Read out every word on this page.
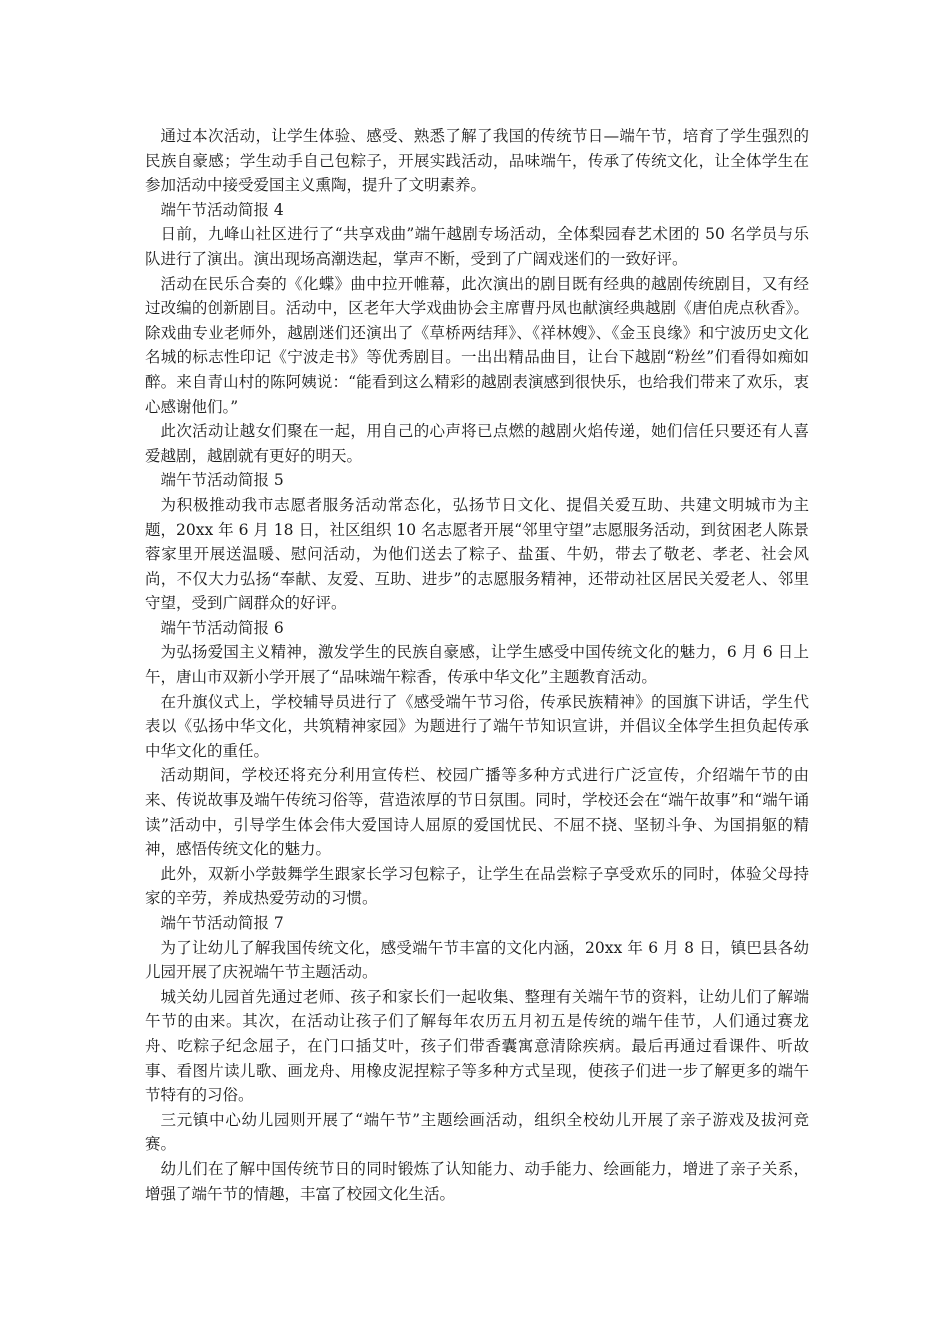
通过本次活动，让学生体验、感受、熟悉了解了我国的传统节日—端午节，培育了学生强烈的民族自豪感；学生动手自己包粽子，开展实践活动，品味端午，传承了传统文化，让全体学生在参加活动中接受爱国主义熏陶，提升了文明素养。

端午节活动简报 4

日前，九峰山社区进行了“共享戏曲”端午越剧专场活动，全体梨园春艺术团的 50 名学员与乐队进行了演出。演出现场高潮迭起，掌声不断，受到了广阔戏迷们的一致好评。

活动在民乐合奏的《化蝶》曲中拉开帷幕，此次演出的剧目既有经典的越剧传统剧目，又有经过改编的创新剧目。活动中，区老年大学戏曲协会主席曹丹凤也献演经典越剧《唐伯虎点秋香》。除戏曲专业老师外，越剧迷们还演出了《草桥两结拜》、《祥林嫂》、《金玉良缘》和宁波历史文化名城的标志性印记《宁波走书》等优秀剧目。一出出精品曲目，让台下越剧“粉丝”们看得如痴如醉。来自青山村的陈阿姨说：“能看到这么精彩的越剧表演感到很快乐，也给我们带来了欢乐，衷心感谢他们。”

此次活动让越女们聚在一起，用自己的心声将已点燃的越剧火焰传递，她们信任只要还有人喜爱越剧，越剧就有更好的明天。

端午节活动简报 5

为积极推动我市志愿者服务活动常态化，弘扬节日文化、提倡关爱互助、共建文明城市为主题，20xx 年 6 月 18 日，社区组织 10 名志愿者开展“邻里守望”志愿服务活动，到贫困老人陈景蓉家里开展送温暖、慰问活动，为他们送去了粽子、盐蛋、牛奶，带去了敬老、孝老、社会风尚，不仅大力弘扬“奉献、友爱、互助、进步”的志愿服务精神，还带动社区居民关爱老人、邻里守望，受到广阔群众的好评。

端午节活动简报 6

为弘扬爱国主义精神，激发学生的民族自豪感，让学生感受中国传统文化的魅力，6 月 6 日上午，唐山市双新小学开展了“品味端午粽香，传承中华文化”主题教育活动。

在升旗仪式上，学校辅导员进行了《感受端午节习俗，传承民族精神》的国旗下讲话，学生代表以《弘扬中华文化，共筑精神家园》为题进行了端午节知识宣讲，并倡议全体学生担负起传承中华文化的重任。

活动期间，学校还将充分利用宣传栏、校园广播等多种方式进行广泛宣传，介绍端午节的由来、传说故事及端午传统习俗等，营造浓厚的节日氛围。同时，学校还会在“端午故事”和“端午诵读”活动中，引导学生体会伟大爱国诗人屈原的爱国忧民、不屈不挠、坚韧斗争、为国捐躯的精神，感悟传统文化的魅力。

此外，双新小学鼓舞学生跟家长学习包粽子，让学生在品尝粽子享受欢乐的同时，体验父母持家的辛劳，养成热爱劳动的习惯。

端午节活动简报 7

为了让幼儿了解我国传统文化，感受端午节丰富的文化内涵，20xx 年 6 月 8 日，镇巴县各幼儿园开展了庆祝端午节主题活动。

城关幼儿园首先通过老师、孩子和家长们一起收集、整理有关端午节的资料，让幼儿们了解端午节的由来。其次，在活动让孩子们了解每年农历五月初五是传统的端午佳节，人们通过赛龙舟、吃粽子纪念屈子，在门口插艾叶，孩子们带香囊寓意清除疾病。最后再通过看课件、听故事、看图片读儿歌、画龙舟、用橡皮泥捏粽子等多种方式呈现，使孩子们进一步了解更多的端午节特有的习俗。

三元镇中心幼儿园则开展了“端午节”主题绘画活动，组织全校幼儿开展了亲子游戏及拔河竞赛。

幼儿们在了解中国传统节日的同时锻炼了认知能力、动手能力、绘画能力，增进了亲子关系，增强了端午节的情趣，丰富了校园文化生活。
